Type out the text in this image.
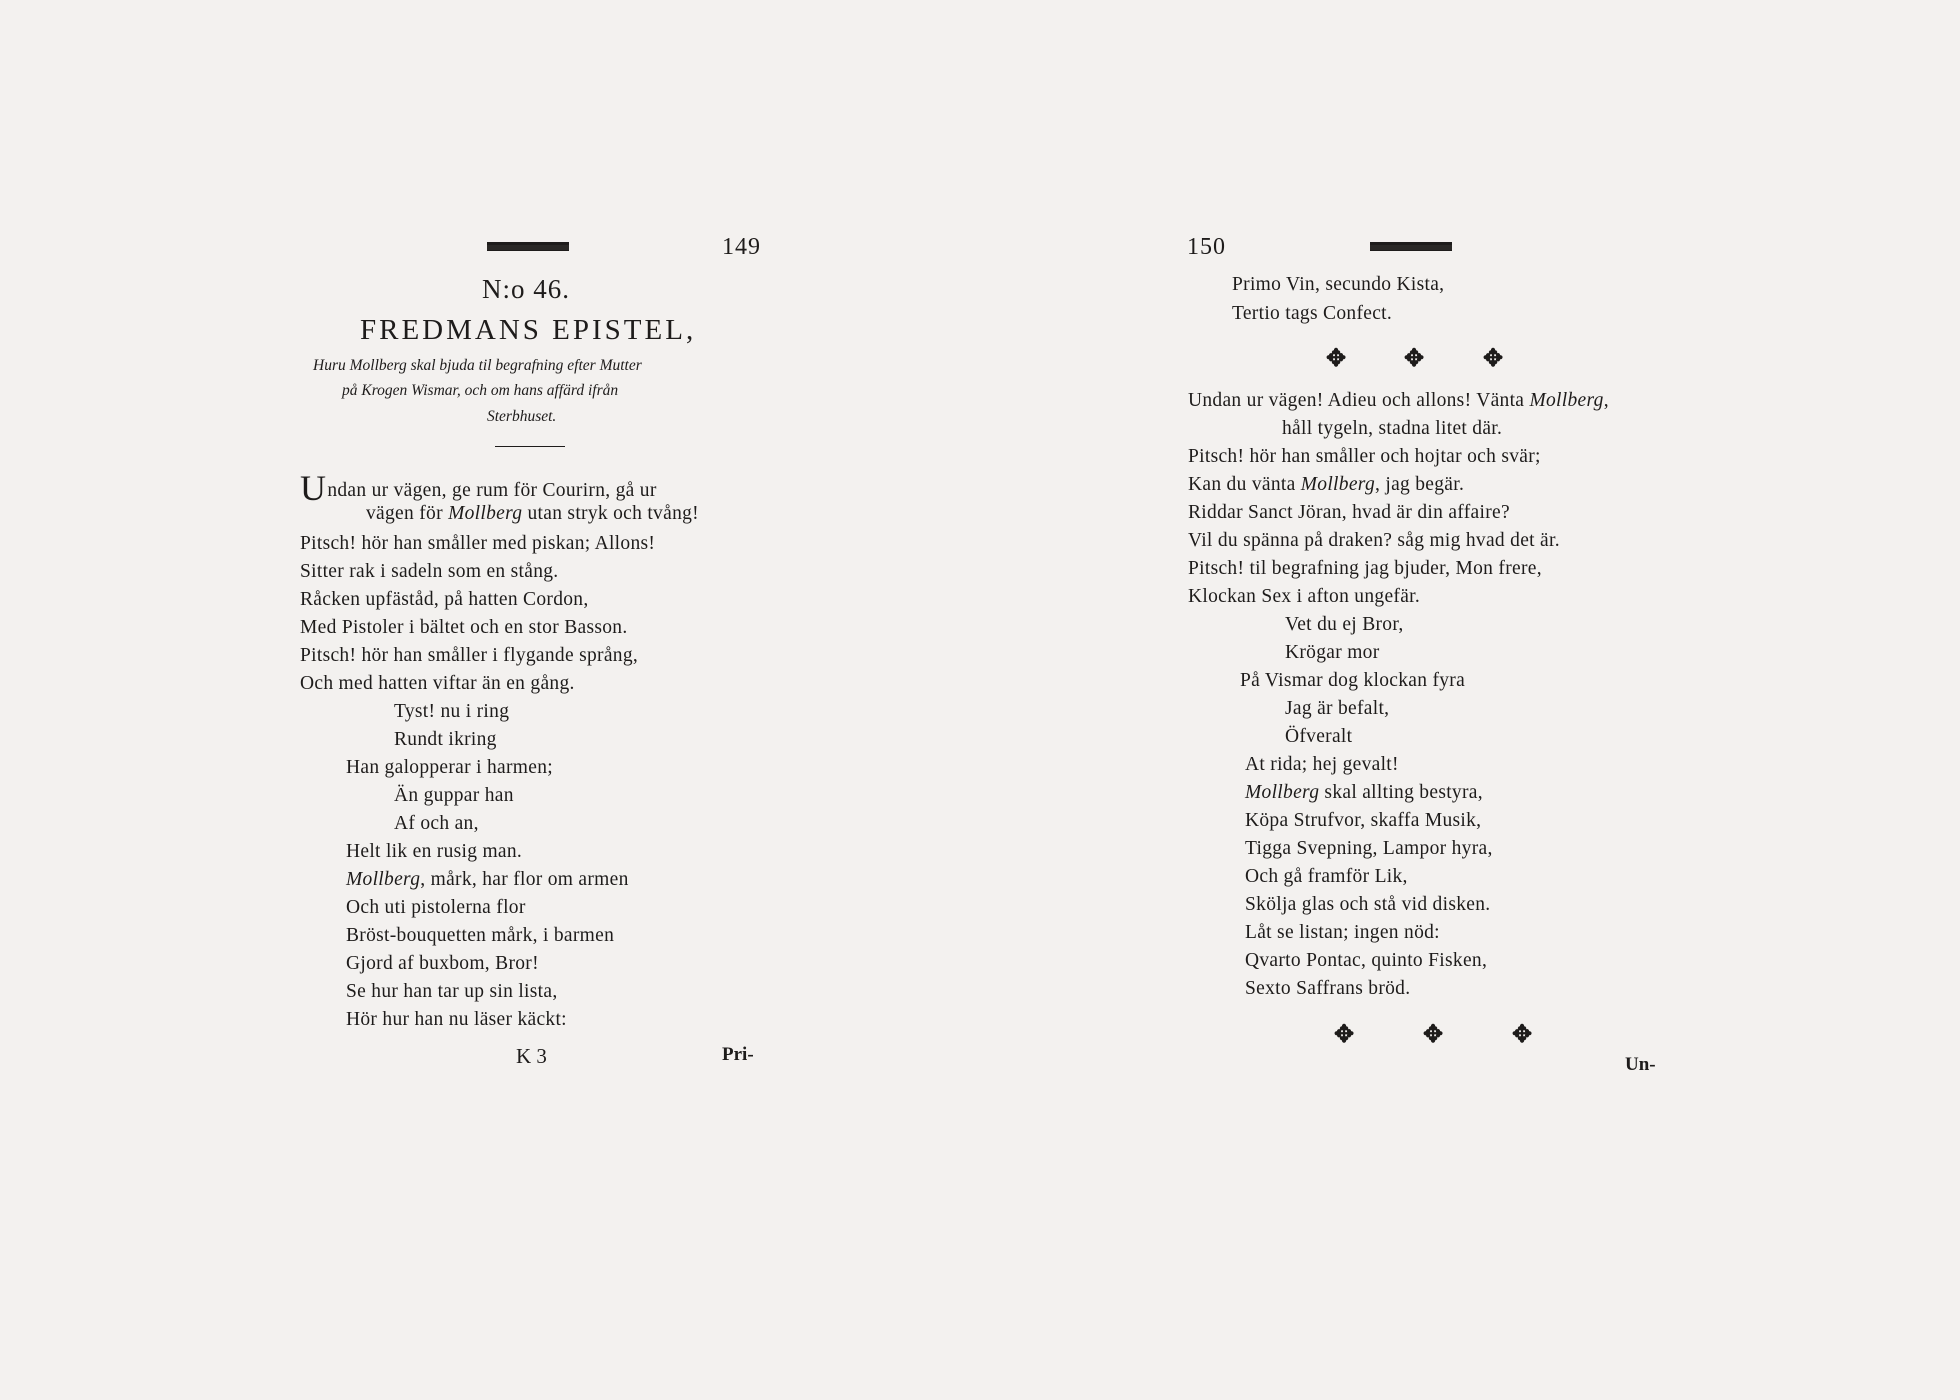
149
N:o 46.
FREDMANS EPISTEL,
Huru Mollberg skal bjuda til begrafning efter Mutter
på Krogen Wismar, och om hans affärd ifrån
Sterbhuset.
Undan ur vägen, ge rum för Courirn, gå ur
vägen för Mollberg utan stryk och tvång!
Pitsch! hör han småller med piskan; Allons!
Sitter rak i sadeln som en stång.
Råcken upfäståd, på hatten Cordon,
Med Pistoler i bältet och en stor Basson.
Pitsch! hör han småller i flygande språng,
Och med hatten viftar än en gång.
Tyst! nu i ring
Rundt ikring
Han galopperar i harmen;
Än guppar han
Af och an,
Helt lik en rusig man.
Mollberg, mårk, har flor om armen
Och uti pistolerna flor
Bröst-bouquetten mårk, i barmen
Gjord af buxbom, Bror!
Se hur han tar up sin lista,
Hör hur han nu läser käckt:
K 3	Pri-
150
Primo Vin, secundo Kista,
Tertio tags Confect.
✥ ✥ ✥
Undan ur vägen! Adieu och allons! Vänta Mollberg,
håll tygeln, stadna litet där.
Pitsch! hör han småller och hojtar och svär;
Kan du vänta Mollberg, jag begär.
Riddar Sanct Jöran, hvad är din affaire?
Vil du spänna på draken? såg mig hvad det är.
Pitsch! til begrafning jag bjuder, Mon frere,
Klockan Sex i afton ungefär.
Vet du ej Bror,
Krögar mor
På Vismar dog klockan fyra
Jag är befalt,
Öfveralt
At rida; hej gevalt!
Mollberg skal allting bestyra,
Köpa Strufvor, skaffa Musik,
Tigga Svepning, Lampor hyra,
Och gå framför Lik,
Skölja glas och stå vid disken.
Låt se listan; ingen nöd:
Qvarto Pontac, quinto Fisken,
Sexto Saffrans bröd.
✥	✥	✥
Un-
